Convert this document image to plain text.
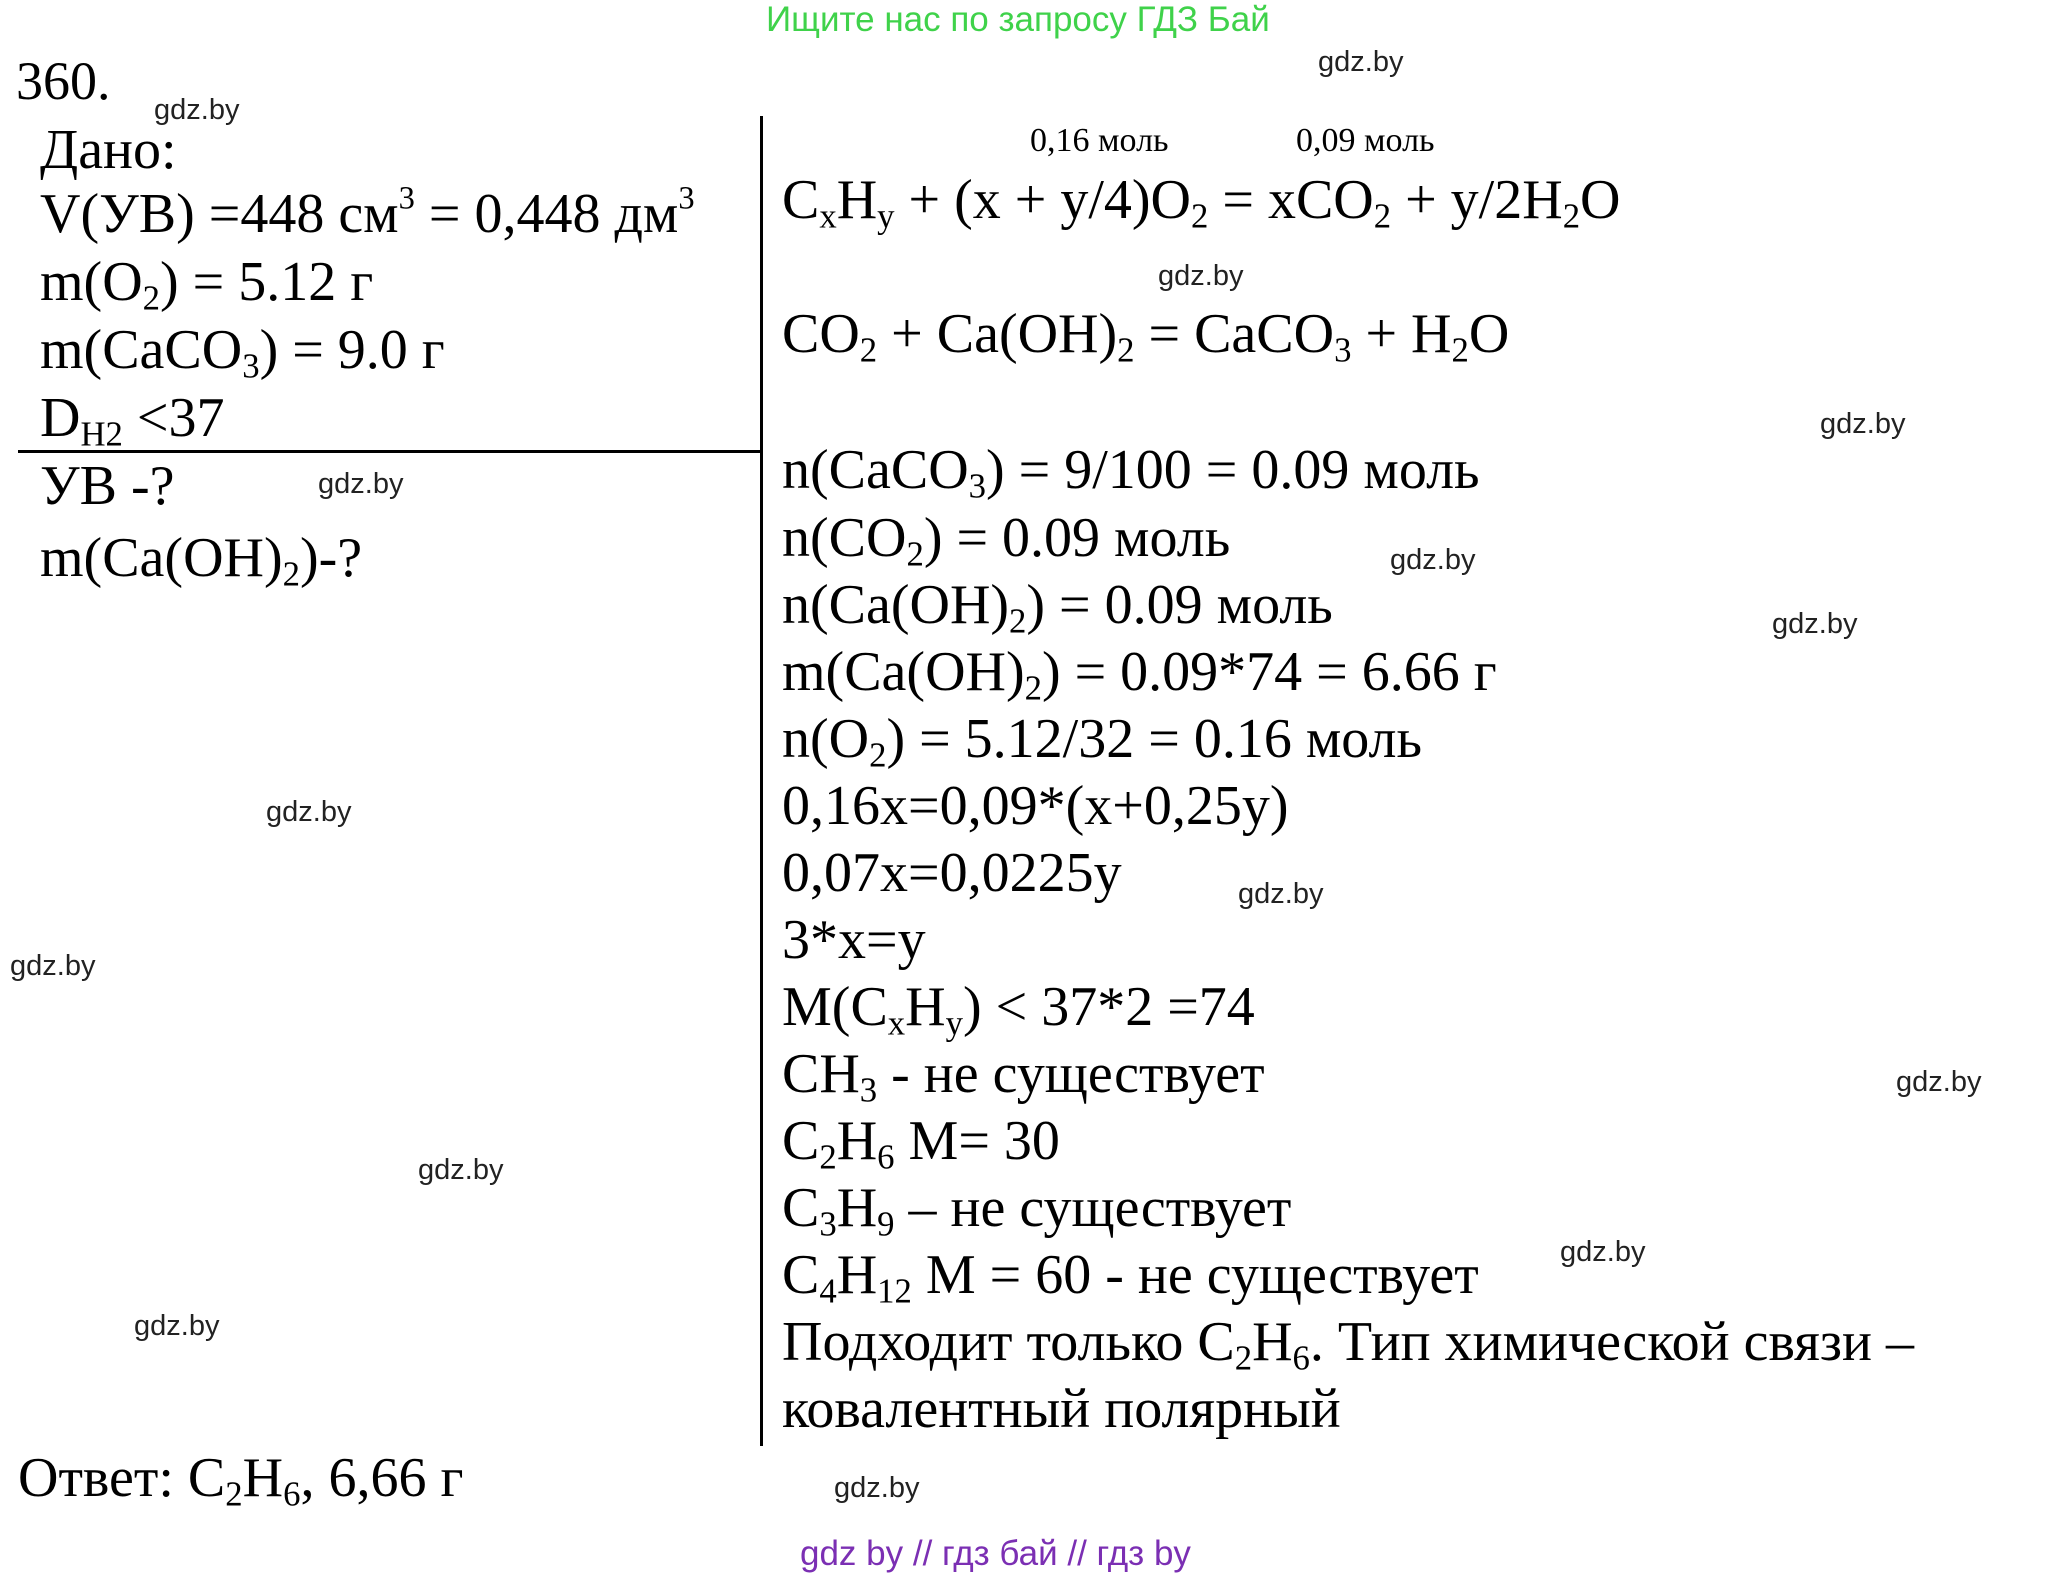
Ищите нас по запросу ГДЗ Бай
360.
Дано:
V(УВ) =448 $см^3 = 0,448$ $дм^3$
$m(O_2) = 5.12$ г
m(CaCO$_3$) = 9.0 г
$D_{H2} <37$
УВ -?
$m(Ca(OH)_2)-$?
0,16 моль	0,09 моль
$C_xH_y + (x + y/4)O_2 = xCO_2 + y/2H_2O$
$CO_2 + Ca(OH)_2$ = CaCO$_3$ + $H_2O$
n(CaCO$_3$) = 9/100 = 0.09 моль
$n(CO_2) = 0.09$ моль
$n(Ca(OH)_2) = 0.09$ моль
$m(Ca(OH)_2) = 0.09*74 = 6.66$ г
$n(O_2) = 5.12/32 = 0.16$ моль
0,16x=0,09*(x+0,25y)
0,07x=0,0225y
3*x=y
$M(C_xH_y) < 37*2 =74$
$CH_3$ - не существует
$C_2H_6$ M= 30
$C_3H_9$ – не существует
$C_4H_{12}$ M = 60 - не существует
Подходит только $C_2H_6$. Тип химической связи –
ковалентный полярный
Ответ: $C_2H_6$, 6,66 г
gdz.by
gdz.by
gdz.by
gdz.by
gdz.by
gdz.by
gdz.by
gdz.by
gdz.by
gdz.by
gdz.by
gdz.by
gdz.by
gdz.by
gdz.by
gdz by // гдз бай // гдз by
